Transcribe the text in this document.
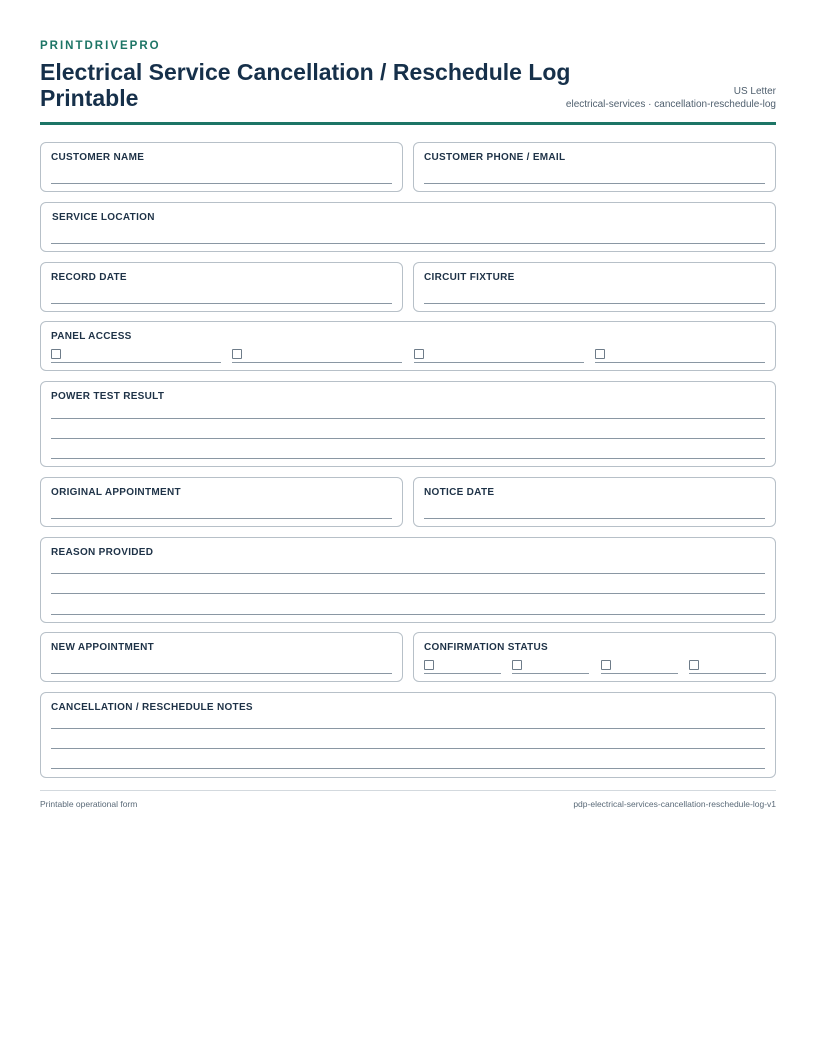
PRINTDRIVEPRO
Electrical Service Cancellation / Reschedule Log Printable	US Letter
electrical-services · cancellation-reschedule-log
CUSTOMER NAME	CUSTOMER PHONE / EMAIL
SERVICE LOCATION
RECORD DATE	CIRCUIT FIXTURE
PANEL ACCESS
POWER TEST RESULT
ORIGINAL APPOINTMENT	NOTICE DATE
REASON PROVIDED
NEW APPOINTMENT	CONFIRMATION STATUS
CANCELLATION / RESCHEDULE NOTES
Printable operational form	pdp-electrical-services-cancellation-reschedule-log-v1
